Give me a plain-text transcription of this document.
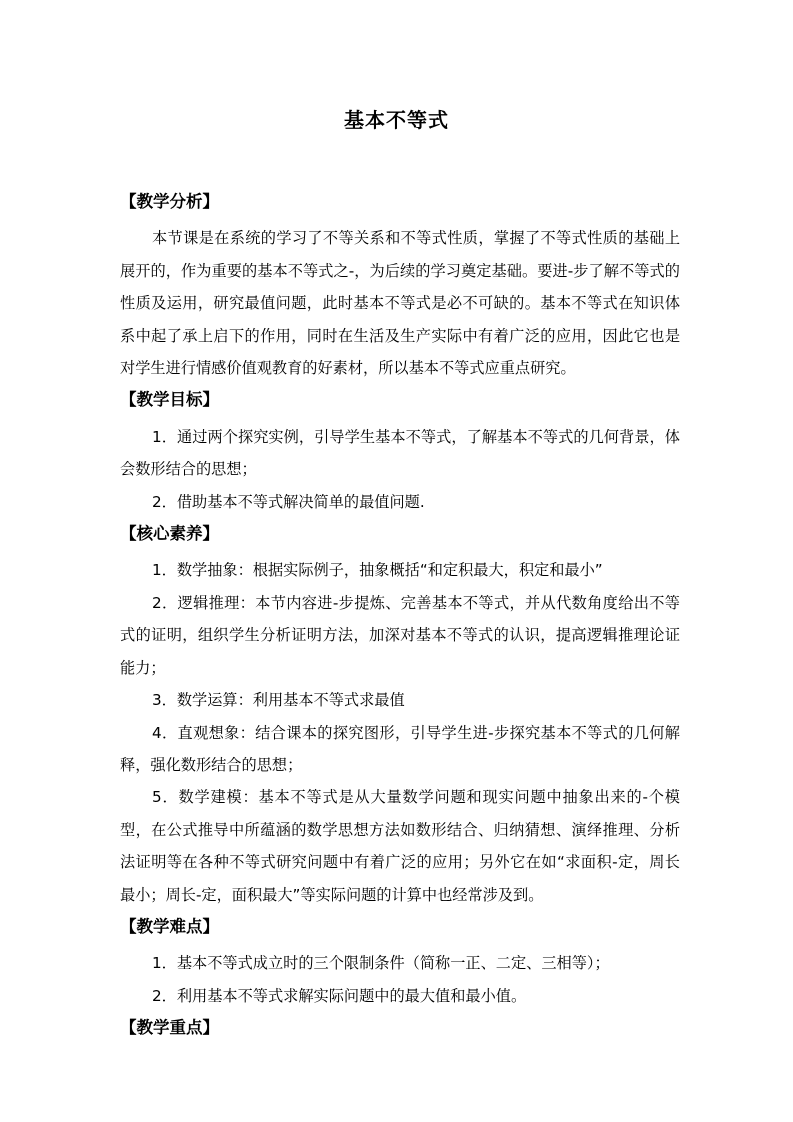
基本不等式

【教学分析】

本节课是在系统的学习了不等关系和不等式性质，掌握了不等式性质的基础上展开的，作为重要的基本不等式之-，为后续的学习奠定基础。要进-步了解不等式的性质及运用，研究最值问题，此时基本不等式是必不可缺的。基本不等式在知识体系中起了承上启下的作用，同时在生活及生产实际中有着广泛的应用，因此它也是对学生进行情感价值观教育的好素材，所以基本不等式应重点研究。

【教学目标】

1．通过两个探究实例，引导学生基本不等式，了解基本不等式的几何背景，体会数形结合的思想；

2．借助基本不等式解决简单的最值问题.

【核心素养】

1．数学抽象：根据实际例子，抽象概括“和定积最大，积定和最小”

2．逻辑推理：本节内容进-步提炼、完善基本不等式，并从代数角度给出不等式的证明，组织学生分析证明方法，加深对基本不等式的认识，提高逻辑推理论证能力；

3．数学运算：利用基本不等式求最值

4．直观想象：结合课本的探究图形，引导学生进-步探究基本不等式的几何解释，强化数形结合的思想；

5．数学建模：基本不等式是从大量数学问题和现实问题中抽象出来的-个模型，在公式推导中所蕴涵的数学思想方法如数形结合、归纳猜想、演绎推理、分析法证明等在各种不等式研究问题中有着广泛的应用；另外它在如“求面积-定，周长最小；周长-定，面积最大”等实际问题的计算中也经常涉及到。

【教学难点】

1．基本不等式成立时的三个限制条件（简称一正、二定、三相等）；

2．利用基本不等式求解实际问题中的最大值和最小值。

【教学重点】
